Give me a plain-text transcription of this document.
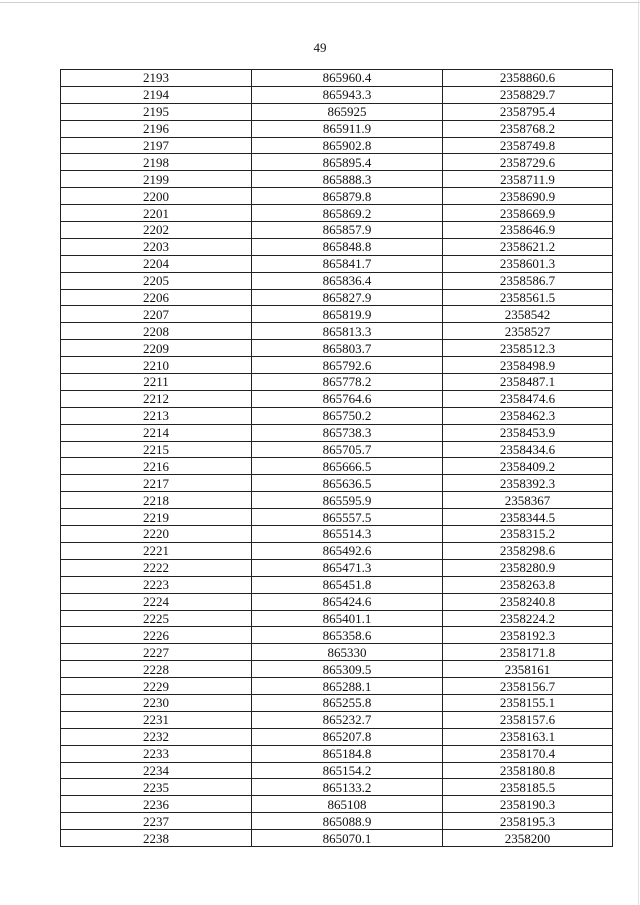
49
2193	865960.4	2358860.6
2194	865943.3	2358829.7
2195	865925	2358795.4
2196	865911.9	2358768.2
2197	865902.8	2358749.8
2198	865895.4	2358729.6
2199	865888.3	2358711.9
2200	865879.8	2358690.9
2201	865869.2	2358669.9
2202	865857.9	2358646.9
2203	865848.8	2358621.2
2204	865841.7	2358601.3
2205	865836.4	2358586.7
2206	865827.9	2358561.5
2207	865819.9	2358542
2208	865813.3	2358527
2209	865803.7	2358512.3
2210	865792.6	2358498.9
2211	865778.2	2358487.1
2212	865764.6	2358474.6
2213	865750.2	2358462.3
2214	865738.3	2358453.9
2215	865705.7	2358434.6
2216	865666.5	2358409.2
2217	865636.5	2358392.3
2218	865595.9	2358367
2219	865557.5	2358344.5
2220	865514.3	2358315.2
2221	865492.6	2358298.6
2222	865471.3	2358280.9
2223	865451.8	2358263.8
2224	865424.6	2358240.8
2225	865401.1	2358224.2
2226	865358.6	2358192.3
2227	865330	2358171.8
2228	865309.5	2358161
2229	865288.1	2358156.7
2230	865255.8	2358155.1
2231	865232.7	2358157.6
2232	865207.8	2358163.1
2233	865184.8	2358170.4
2234	865154.2	2358180.8
2235	865133.2	2358185.5
2236	865108	2358190.3
2237	865088.9	2358195.3
2238	865070.1	2358200
